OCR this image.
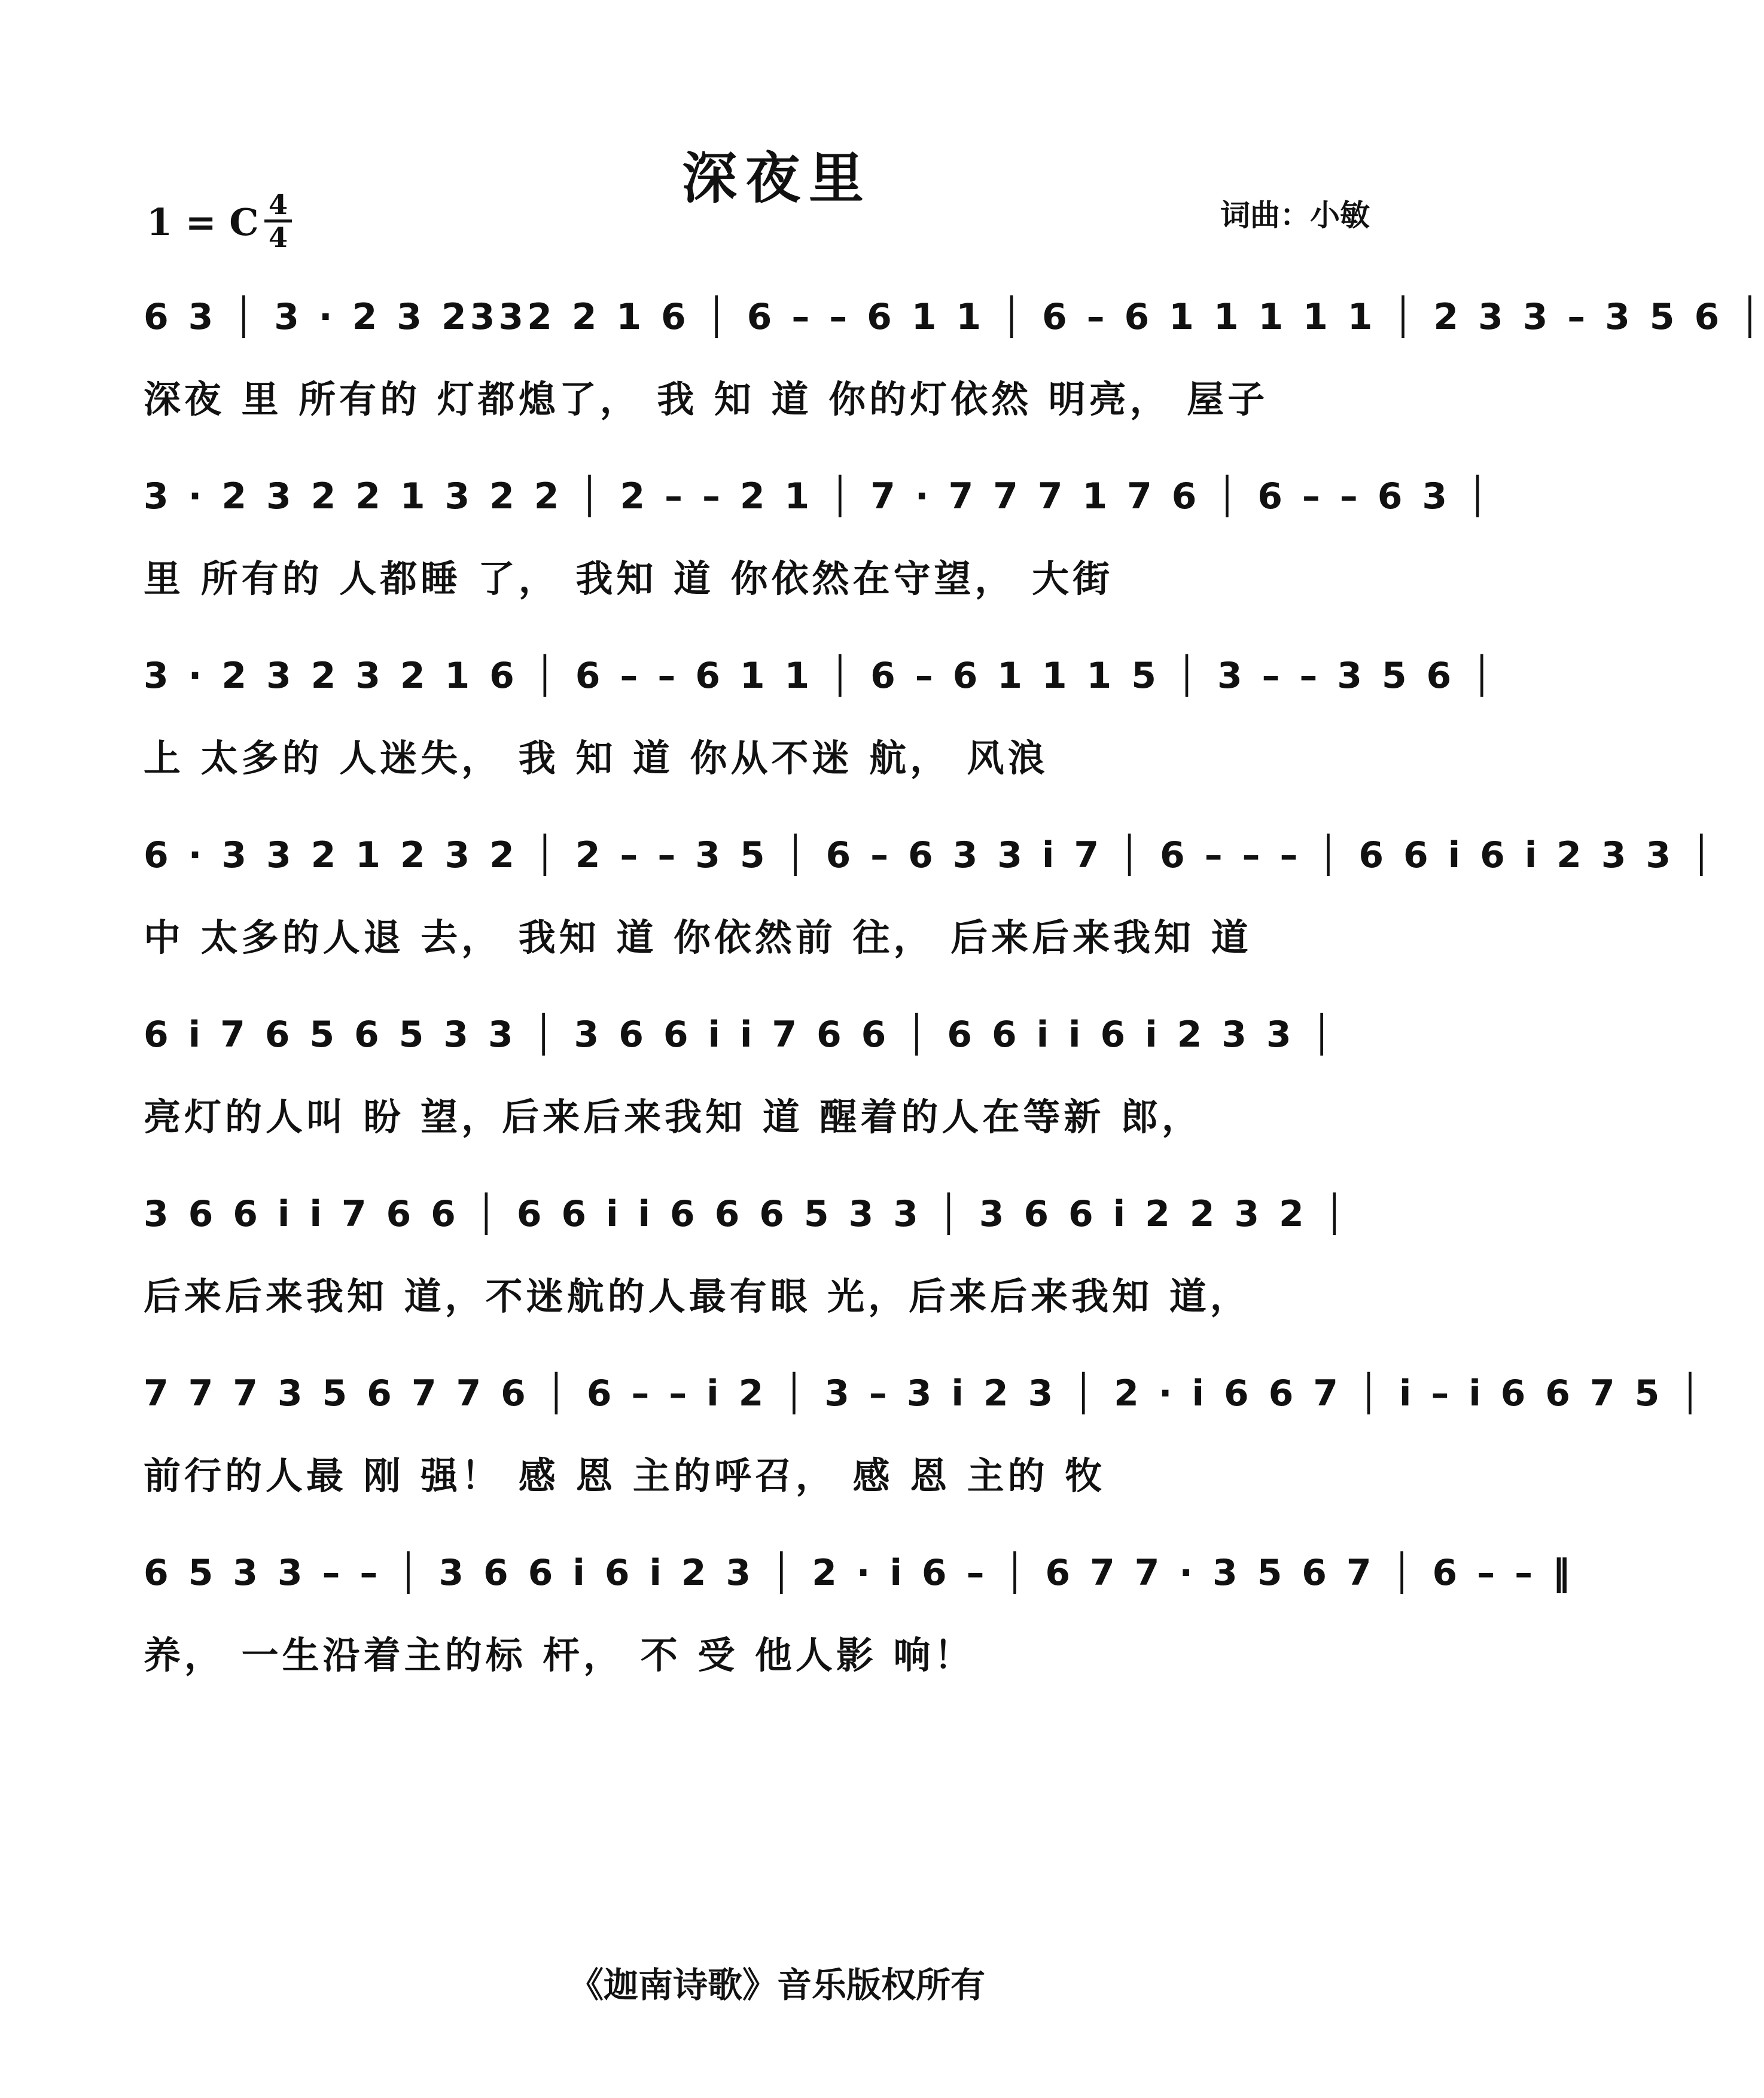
深夜里
1 = C 4
4
词曲：小敏
6 3 │ 3 · 2 3 2332 2 1 6 │ 6 – – 6 1 1 │ 6 – 6 1 1 1 1 1 │ 2 3 3 – 3 5 6 │
深夜 里 所有的 灯都熄了， 我 知 道 你的灯依然 明亮， 屋子
3 · 2 3 2 2 1 3 2 2 │ 2 – – 2 1 │ 7 · 7 7 7 1 7 6 │ 6 – – 6 3 │
里 所有的 人都睡 了， 我知 道 你依然在守望， 大街
3 · 2 3 2 3 2 1 6 │ 6 – – 6 1 1 │ 6 – 6 1 1 1 5 │ 3 – – 3 5 6 │
上 太多的 人迷失， 我 知 道 你从不迷 航， 风浪
6 · 3 3 2 1 2 3 2 │ 2 – – 3 5 │ 6 – 6 3 3 i 7 │ 6 – – – │ 6 6 i 6 i 2 3 3 │
中 太多的人退 去， 我知 道 你依然前 往， 后来后来我知 道
6 i 7 6 5 6 5 3 3 │ 3 6 6 i i 7 6 6 │ 6 6 i i 6 i 2 3 3 │
亮灯的人叫 盼 望，后来后来我知 道 醒着的人在等新 郎，
3 6 6 i i 7 6 6 │ 6 6 i i 6 6 6 5 3 3 │ 3 6 6 i 2 2 3 2 │
后来后来我知 道，不迷航的人最有眼 光，后来后来我知 道，
7 7 7 3 5 6 7 7 6 │ 6 – – i 2 │ 3 – 3 i 2 3 │ 2 · i 6 6 7 │ i – i 6 6 7 5 │
前行的人最 刚 强！ 感 恩 主的呼召， 感 恩 主的 牧
6 5 3 3 – – │ 3 6 6 i 6 i 2 3 │ 2 · i 6 – │ 6 7 7 · 3 5 6 7 │ 6 – – ‖
养， 一生沿着主的标 杆， 不 受 他人影 响！
《迦南诗歌》音乐版权所有
